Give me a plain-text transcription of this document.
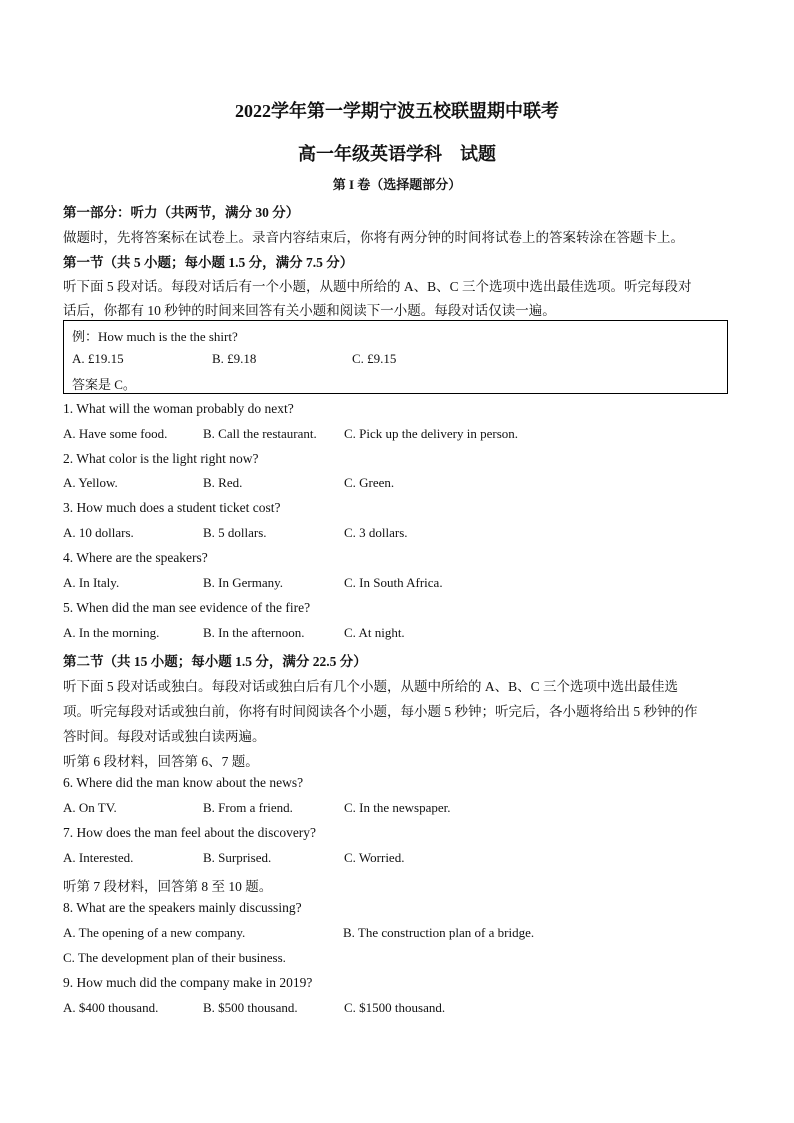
2022学年第一学期宁波五校联盟期中联考
高一年级英语学科　试题
第 I 卷（选择题部分）
第一部分：听力（共两节，满分 30 分）
做题时，先将答案标在试卷上。录音内容结束后，你将有两分钟的时间将试卷上的答案转涂在答题卡上。
第一节（共 5 小题；每小题 1.5 分，满分 7.5 分）
听下面 5 段对话。每段对话后有一个小题，从题中所给的 A、B、C 三个选项中选出最佳选项。听完每段对
话后，你都有 10 秒钟的时间来回答有关小题和阅读下一小题。每段对话仅读一遍。
例：How much is the the shirt?
A. £19.15	B. £9.18	C. £9.15
答案是 C。
1. What will the woman probably do next?
A. Have some food.	B. Call the restaurant. C. Pick up the delivery in person.
2. What color is the light right now?
A. Yellow.	B. Red.	C. Green.
3. How much does a student ticket cost?
A. 10 dollars.	B. 5 dollars.	C. 3 dollars.
4. Where are the speakers?
A. In Italy.	B. In Germany.	C. In South Africa.
5. When did the man see evidence of the fire?
A. In the morning.	B. In the afternoon.	C. At night.
第二节（共 15 小题；每小题 1.5 分，满分 22.5 分）
听下面 5 段对话或独白。每段对话或独白后有几个小题，从题中所给的 A、B、C 三个选项中选出最佳选
项。听完每段对话或独白前，你将有时间阅读各个小题，每小题 5 秒钟；听完后，各小题将给出 5 秒钟的作
答时间。每段对话或独白读两遍。
听第 6 段材料，回答第 6、7 题。
6. Where did the man know about the news?
A. On TV.	B. From a friend.	C. In the newspaper.
7. How does the man feel about the discovery?
A. Interested.	B. Surprised.	C. Worried.
听第 7 段材料，回答第 8 至 10 题。
8. What are the speakers mainly discussing?
A. The opening of a new company.	B. The construction plan of a bridge.
C. The development plan of their business.
9. How much did the company make in 2019?
A. $400 thousand.	B. $500 thousand.	C. $1500 thousand.
